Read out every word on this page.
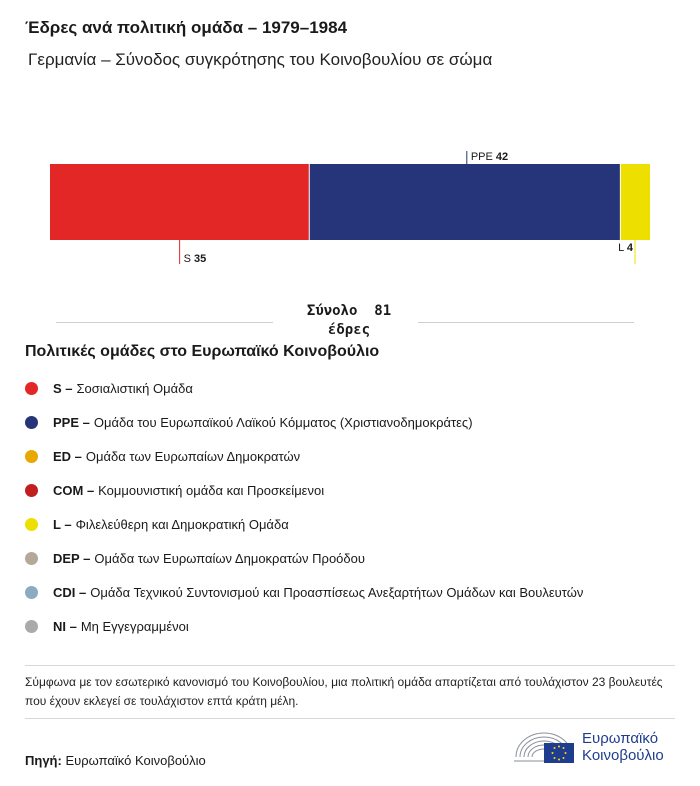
Έδρες ανά πολιτική ομάδα – 1979–1984
Γερμανία – Σύνοδος συγκρότησης του Κοινοβουλίου σε σώμα
S 35
PPE 42
L 4
Σύνολο  81
έδρες
Πολιτικές ομάδες στο Ευρωπαϊκό Κοινοβούλιο
S – Σοσιαλιστική Ομάδα
PPE – Ομάδα του Ευρωπαϊκού Λαϊκού Κόμματος (Χριστιανοδημοκράτες)
ED – Ομάδα των Ευρωπαίων Δημοκρατών
COM – Κομμουνιστική ομάδα και Προσκείμενοι
L – Φιλελεύθερη και Δημοκρατική Ομάδα
DEP – Ομάδα των Ευρωπαίων Δημοκρατών Προόδου
CDI – Ομάδα Τεχνικού Συντονισμού και Προασπίσεως Ανεξαρτήτων Ομάδων και Βουλευτών
NI – Μη Εγγεγραμμένοι
Σύμφωνα με τον εσωτερικό κανονισμό του Κοινοβουλίου, μια πολιτική ομάδα απαρτίζεται από τουλάχιστον 23 βουλευτές που έχουν εκλεγεί σε τουλάχιστον επτά κράτη μέλη.
Πηγή: Ευρωπαϊκό Κοινοβούλιο
Ευρωπαϊκό
Κοινοβούλιο
